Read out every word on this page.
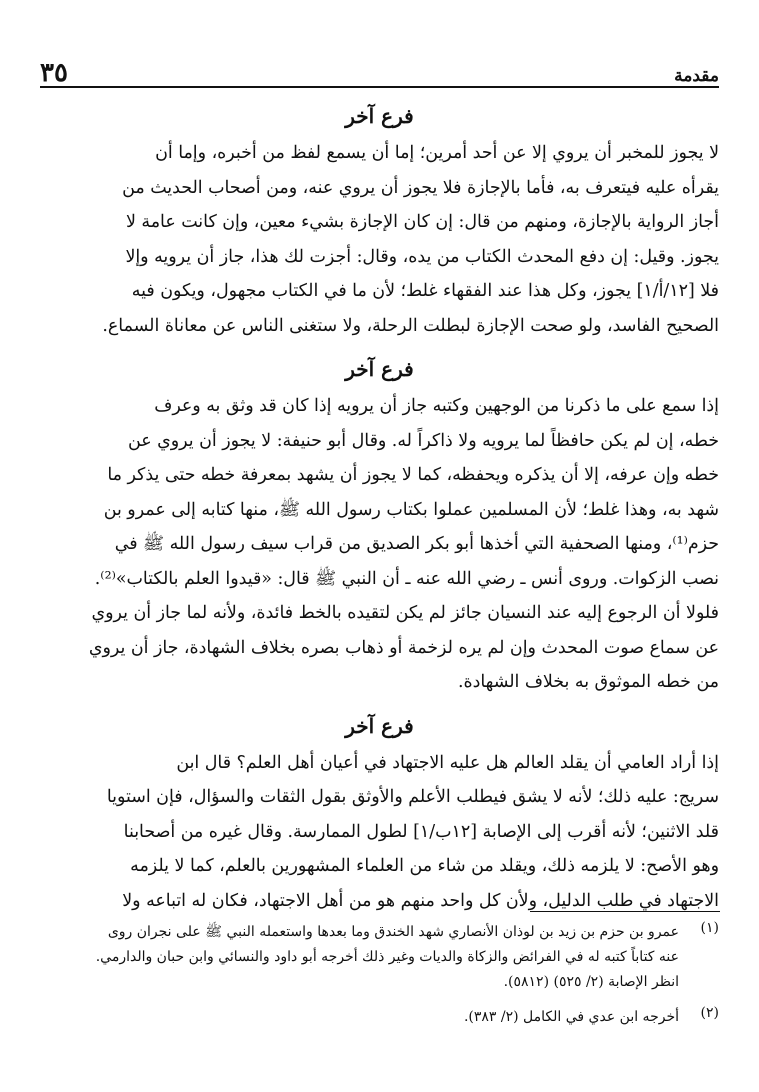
مقدمة
٣٥
فرع آخر
لا يجوز للمخبر أن يروي إلا عن أحد أمرين؛ إما أن يسمع لفظ من أخبره، وإما أن
يقرأه عليه فيتعرف به، فأما بالإجازة فلا يجوز أن يروي عنه، ومن أصحاب الحديث من
أجاز الرواية بالإجازة، ومنهم من قال: إن كان الإجازة بشيء معين، وإن كانت عامة لا
يجوز. وقيل: إن دفع المحدث الكتاب من يده، وقال: أجزت لك هذا، جاز أن يرويه وإلا
فلا [١٢/أ/١] يجوز، وكل هذا عند الفقهاء غلط؛ لأن ما في الكتاب مجهول، ويكون فيه
الصحيح الفاسد، ولو صحت الإجازة لبطلت الرحلة، ولا ستغنى الناس عن معاناة السماع.
فرع آخر
إذا سمع على ما ذكرنا من الوجهين وكتبه جاز أن يرويه إذا كان قد وثق به وعرف
خطه، إن لم يكن حافظاً لما يرويه ولا ذاكراً له. وقال أبو حنيفة: لا يجوز أن يروي عن
خطه وإن عرفه، إلا أن يذكره ويحفظه، كما لا يجوز أن يشهد بمعرفة خطه حتى يذكر ما
شهد به، وهذا غلط؛ لأن المسلمين عملوا بكتاب رسول الله ﷺ، منها كتابه إلى عمرو بن
حزم⁽¹⁾، ومنها الصحفية التي أخذها أبو بكر الصديق من قراب سيف رسول الله ﷺ في
نصب الزكوات. وروى أنس ـ رضي الله عنه ـ أن النبي ﷺ قال: «قيدوا العلم بالكتاب»⁽²⁾.
فلولا أن الرجوع إليه عند النسيان جائز لم يكن لتقيده بالخط فائدة، ولأنه لما جاز أن يروي
عن سماع صوت المحدث وإن لم يره لزخمة أو ذهاب بصره بخلاف الشهادة، جاز أن يروي
من خطه الموثوق به بخلاف الشهادة.
فرع آخر
إذا أراد العامي أن يقلد العالم هل عليه الاجتهاد في أعيان أهل العلم؟ قال ابن
سريج: عليه ذلك؛ لأنه لا يشق فيطلب الأعلم والأوثق بقول الثقات والسؤال، فإن استويا
قلد الاثنين؛ لأنه أقرب إلى الإصابة [١٢ب/١] لطول الممارسة. وقال غيره من أصحابنا
وهو الأصح: لا يلزمه ذلك، ويقلد من شاء من العلماء المشهورين بالعلم، كما لا يلزمه
الاجتهاد في طلب الدليل، ولأن كل واحد منهم هو من أهل الاجتهاد، فكان له اتباعه ولا
(١)
عمرو بن حزم بن زيد بن لوذان الأنصاري شهد الخندق وما بعدها واستعمله النبي ﷺ على نجران روى
عنه كتاباً كتبه له في الفرائض والزكاة والديات وغير ذلك أخرجه أبو داود والنسائي وابن حبان والدارمي.
انظر الإصابة (٢/ ٥٢٥) (٥٨١٢).
(٢)
أخرجه ابن عدي في الكامل (٢/ ٣٨٣).
